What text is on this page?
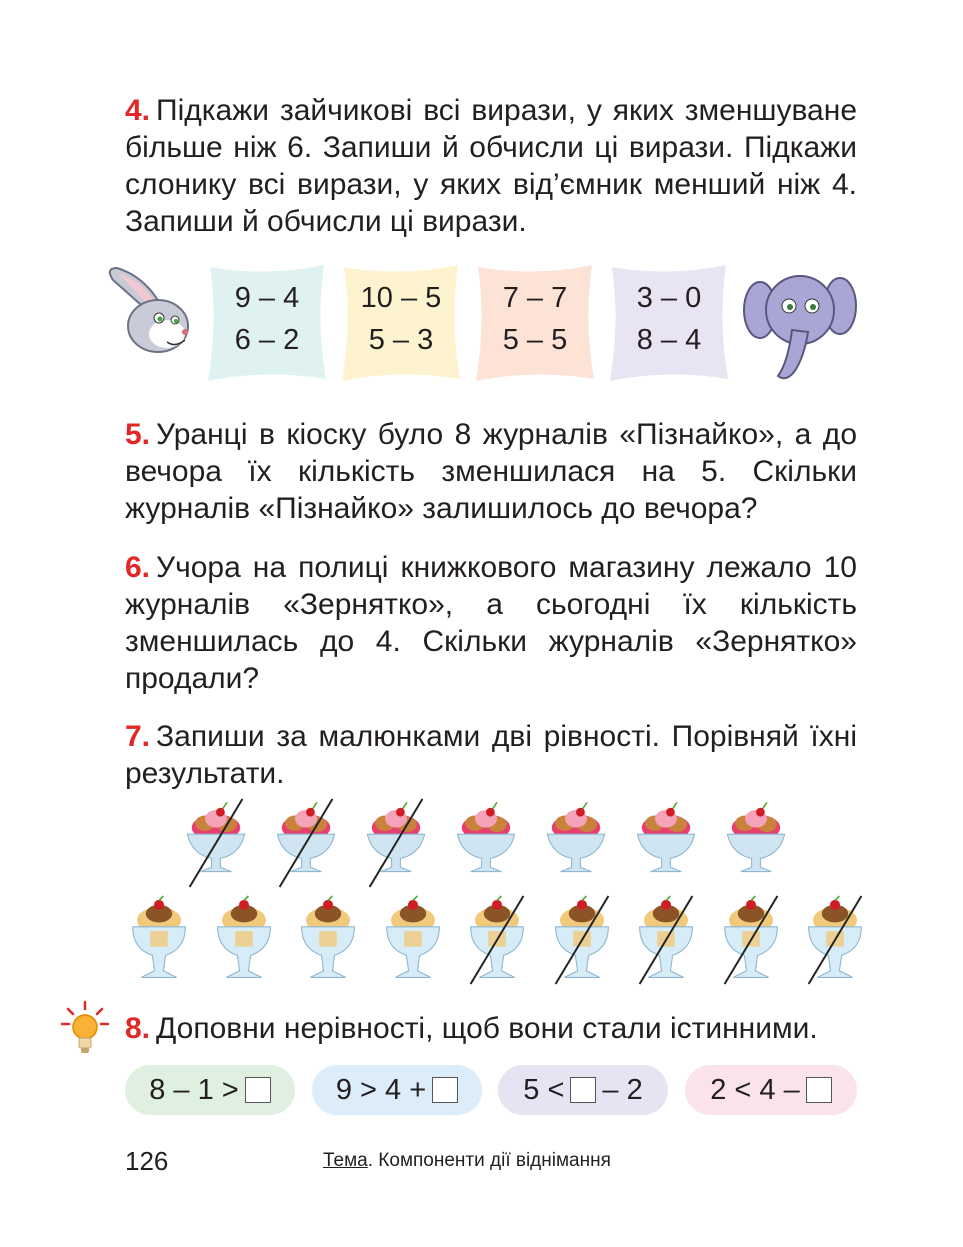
4. Підкажи зайчикові всі вирази, у яких зменшуване більше ніж 6. Запиши й обчисли ці вирази. Підкажи слонику всі вирази, у яких від’ємник менший ніж 4. Запиши й обчисли ці вирази.

9 – 4
6 – 2
10 – 5
5 – 3
7 – 7
5 – 5
3 – 0
8 – 4

5. Уранці в кіоску було 8 журналів «Пізнайко», а до вечора їх кількість зменшилася на 5. Скільки журналів «Пізнайко» залишилось до вечора?

6. Учора на полиці книжкового магазину лежало 10 журналів «Зернятко», а сьогодні їх кількість зменшилась до 4. Скільки журналів «Зернятко» продали?

7. Запиши за малюнками дві рівності. Порівняй їхні результати.

8. Доповни нерівності, щоб вони стали істинними.

8 – 1 >	9 > 4 +	5 < – 2 2 < 4 –
126	Тема. Компоненти дії віднімання
